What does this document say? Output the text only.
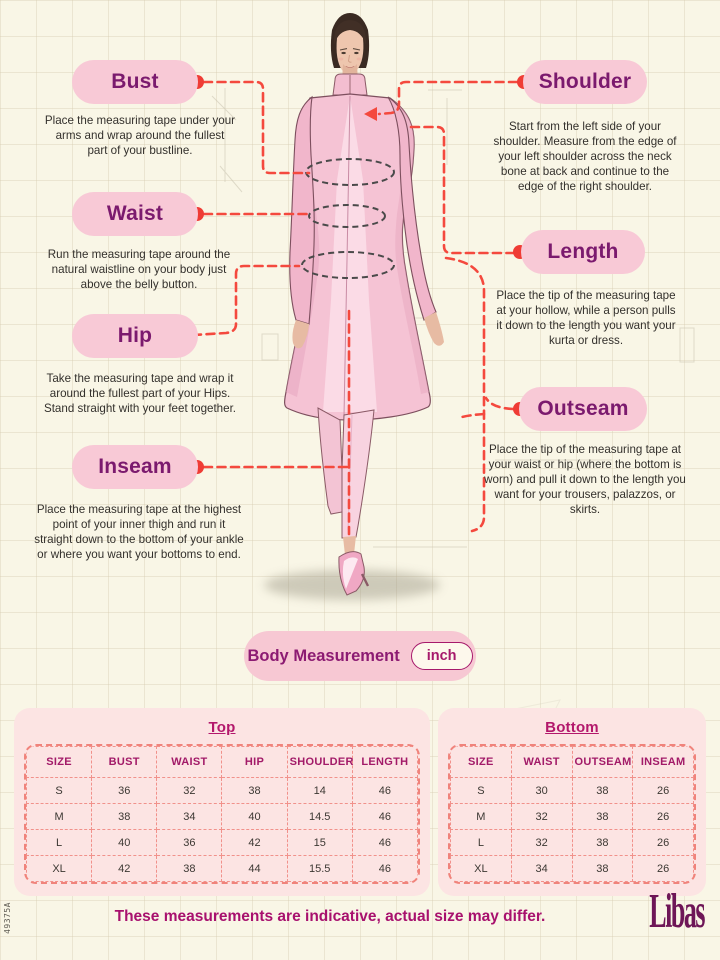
Bust
Place the measuring tape under your arms and wrap around the fullest part of your bustline.
Waist
Run the measuring tape around the natural waistline on your body just above the belly button.
Hip
Take the measuring tape and wrap it around the fullest part of your Hips. Stand straight with your feet together.
Inseam
Place the measuring tape at the highest point of your inner thigh and run it straight down to the bottom of your ankle or where you want your bottoms to end.
Shoulder
Start from the left side of your shoulder. Measure from the edge of your left shoulder across the neck bone at back and continue to the edge of the right shoulder.
Length
Place the tip of the measuring tape at your hollow, while a person pulls it down to the length you want your kurta or dress.
Outseam
Place the tip of the measuring tape at your waist or hip (where the bottom is worn) and pull it down to the length you want for your trousers, palazzos, or skirts.
Body Measurement	inch
Top
SIZE	BUST	WAIST	HIP	SHOULDER	LENGTH
S	36	32	38	14	46
M	38	34	40	14.5	46
L	40	36	42	15	46
XL	42	38	44	15.5	46
Bottom
SIZE	WAIST	OUTSEAM	INSEAM
S	30	38	26
M	32	38	26
L	32	38	26
XL	34	38	26
These measurements are indicative, actual size may differ.	Libas
49375A
